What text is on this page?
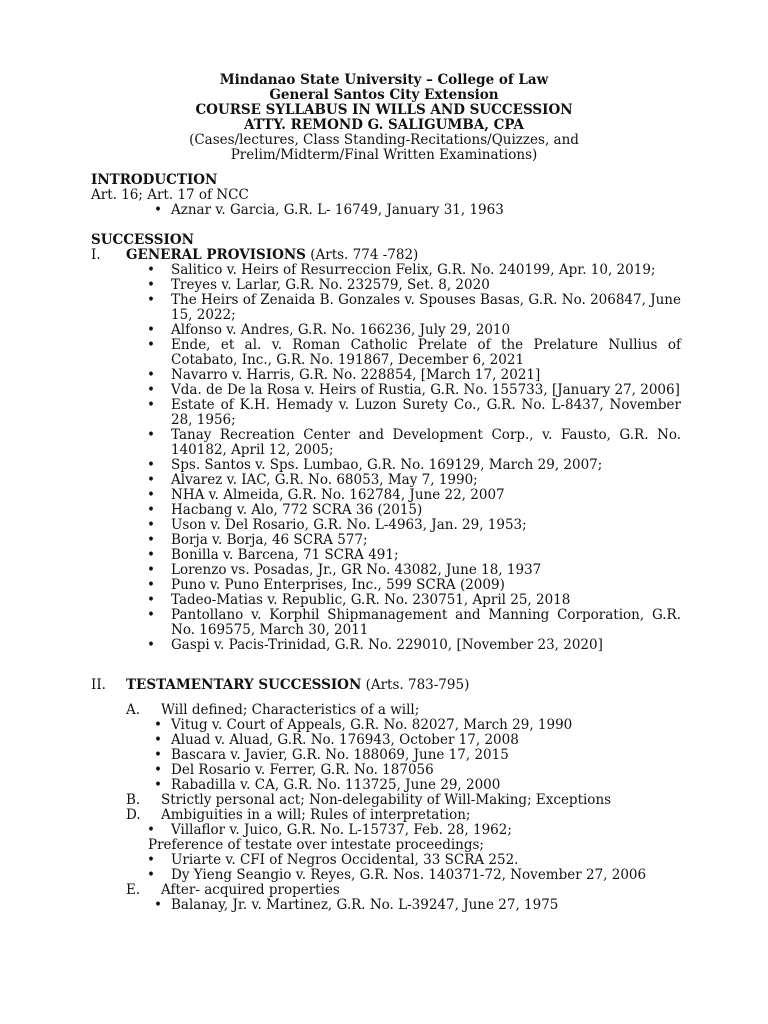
Mindanao State University – College of Law
General Santos City Extension
COURSE SYLLABUS IN WILLS AND SUCCESSION
ATTY. REMOND G. SALIGUMBA, CPA
(Cases/lectures, Class Standing-Recitations/Quizzes, and
Prelim/Midterm/Final Written Examinations)
INTRODUCTION
Art. 16; Art. 17 of NCC
• Aznar v. Garcia, G.R. L- 16749, January 31, 1963
SUCCESSION
I. GENERAL PROVISIONS (Arts. 774 -782)
• Salitico v. Heirs of Resurreccion Felix, G.R. No. 240199, Apr. 10, 2019;
• Treyes v. Larlar, G.R. No. 232579, Set. 8, 2020
• The Heirs of Zenaida B. Gonzales v. Spouses Basas, G.R. No. 206847, June 15, 2022;
• Alfonso v. Andres, G.R. No. 166236, July 29, 2010
• Ende, et al. v. Roman Catholic Prelate of the Prelature Nullius of Cotabato, Inc., G.R. No. 191867, December 6, 2021
• Navarro v. Harris, G.R. No. 228854, [March 17, 2021]
• Vda. de De la Rosa v. Heirs of Rustia, G.R. No. 155733, [January 27, 2006]
• Estate of K.H. Hemady v. Luzon Surety Co., G.R. No. L-8437, November 28, 1956;
• Tanay Recreation Center and Development Corp., v. Fausto, G.R. No. 140182, April 12, 2005;
• Sps. Santos v. Sps. Lumbao, G.R. No. 169129, March 29, 2007;
• Alvarez v. IAC, G.R. No. 68053, May 7, 1990;
• NHA v. Almeida, G.R. No. 162784, June 22, 2007
• Hacbang v. Alo, 772 SCRA 36 (2015)
• Uson v. Del Rosario, G.R. No. L-4963, Jan. 29, 1953;
• Borja v. Borja, 46 SCRA 577;
• Bonilla v. Barcena, 71 SCRA 491;
• Lorenzo vs. Posadas, Jr., GR No. 43082, June 18, 1937
• Puno v. Puno Enterprises, Inc., 599 SCRA (2009)
• Tadeo-Matias v. Republic, G.R. No. 230751, April 25, 2018
• Pantollano v. Korphil Shipmanagement and Manning Corporation, G.R. No. 169575, March 30, 2011
• Gaspi v. Pacis-Trinidad, G.R. No. 229010, [November 23, 2020]
II. TESTAMENTARY SUCCESSION (Arts. 783-795)
A. Will defined; Characteristics of a will;
• Vitug v. Court of Appeals, G.R. No. 82027, March 29, 1990
• Aluad v. Aluad, G.R. No. 176943, October 17, 2008
• Bascara v. Javier, G.R. No. 188069, June 17, 2015
• Del Rosario v. Ferrer, G.R. No. 187056
• Rabadilla v. CA, G.R. No. 113725, June 29, 2000
B. Strictly personal act; Non-delegability of Will-Making; Exceptions
D. Ambiguities in a will; Rules of interpretation;
• Villaflor v. Juico, G.R. No. L-15737, Feb. 28, 1962;
Preference of testate over intestate proceedings;
• Uriarte v. CFI of Negros Occidental, 33 SCRA 252.
• Dy Yieng Seangio v. Reyes, G.R. Nos. 140371-72, November 27, 2006
E. After- acquired properties
• Balanay, Jr. v. Martinez, G.R. No. L-39247, June 27, 1975
